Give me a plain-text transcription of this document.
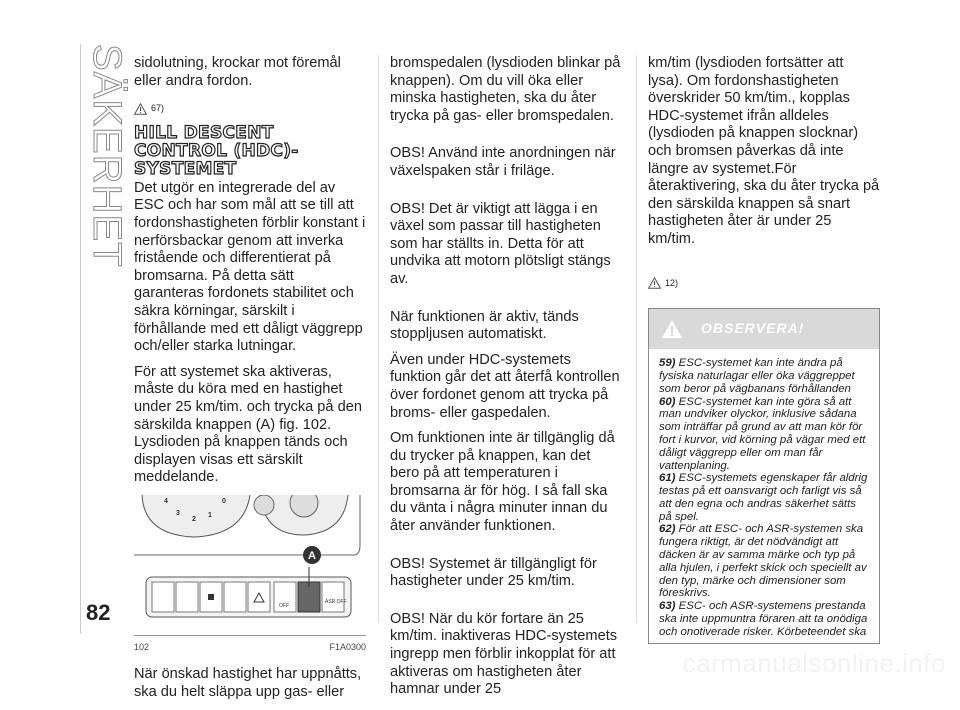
SÄKERHET
82

sidolutning, krockar mot föremål eller andra fordon.

67)
HILL DESCENT CONTROL (HDC)-SYSTEMET

Det utgör en integrerade del av ESC och har som mål att se till att fordonshastigheten förblir konstant i nerförsbackar genom att inverka fristående och differentierat på bromsarna. På detta sätt garanteras fordonets stabilitet och säkra körningar, särskilt i förhållande med ett dåligt väggrepp och/eller starka lutningar.

För att systemet ska aktiveras, måste du köra med en hastighet under 25 km/tim. och trycka på den särskilda knappen (A) fig. 102. Lysdioden på knappen tänds och displayen visas ett särskilt meddelande.

4
3
2
1
0
OFF
ASR OFF
A
102	F1A0300

När önskad hastighet har uppnåtts, ska du helt släppa upp gas- eller

bromspedalen (lysdioden blinkar på knappen). Om du vill öka eller minska hastigheten, ska du åter trycka på gas- eller bromspedalen.

OBS! Använd inte anordningen när växelspaken står i friläge.

OBS! Det är viktigt att lägga i en växel som passar till hastigheten som har ställts in. Detta för att undvika att motorn plötsligt stängs av.

När funktionen är aktiv, tänds stopplјusen automatiskt.

Även under HDC-systemets funktion går det att återfå kontrollen över fordonet genom att trycka på broms- eller gaspedalen.

Om funktionen inte är tillgänglig då du trycker på knappen, kan det bero på att temperaturen i bromsarna är för hög. I så fall ska du vänta i några minuter innan du åter använder funktionen.

OBS! Systemet är tillgängligt för hastigheter under 25 km/tim.

OBS! När du kör fortare än 25 km/tim. inaktiveras HDC-systemets ingrepp men förblir inkopplat för att aktiveras om hastigheten åter hamnar under 25

km/tim (lysdioden fortsätter att lysa). Om fordonshastigheten överskrider 50 km/tim., kopplas HDC-systemet ifrån alldeles (lysdioden på knappen slocknar) och bromsen påverkas då inte längre av systemet.För återaktivering, ska du åter trycka på den särskilda knappen så snart hastigheten åter är under 25 km/tim.

12)
OBSERVERA!

59) ESC-systemet kan inte ändra på fysiska naturlagar eller öka väggreppet som beror på vägbanans förhållanden

60) ESC-systemet kan inte göra så att man undviker olyckor, inklusive sådana som inträffar på grund av att man kör för fort i kurvor, vid körning på vägar med ett dåligt väggrepp eller om man får vattenplaning.

61) ESC-systemets egenskaper får aldrig testas på ett oansvarigt och farligt vis så att den egna och andras säkerhet sätts på spel.

62) För att ESC- och ASR-systemen ska fungera riktigt, är det nödvändigt att däcken är av samma märke och typ på alla hjulen, i perfekt skick och speciellt av den typ, märke och dimensioner som föreskrivs.

63) ESC- och ASR-systemens prestanda ska inte uppmuntra föraren att ta onödiga och onotiverade risker. Körbeteendet ska

carmanualsonline.info
